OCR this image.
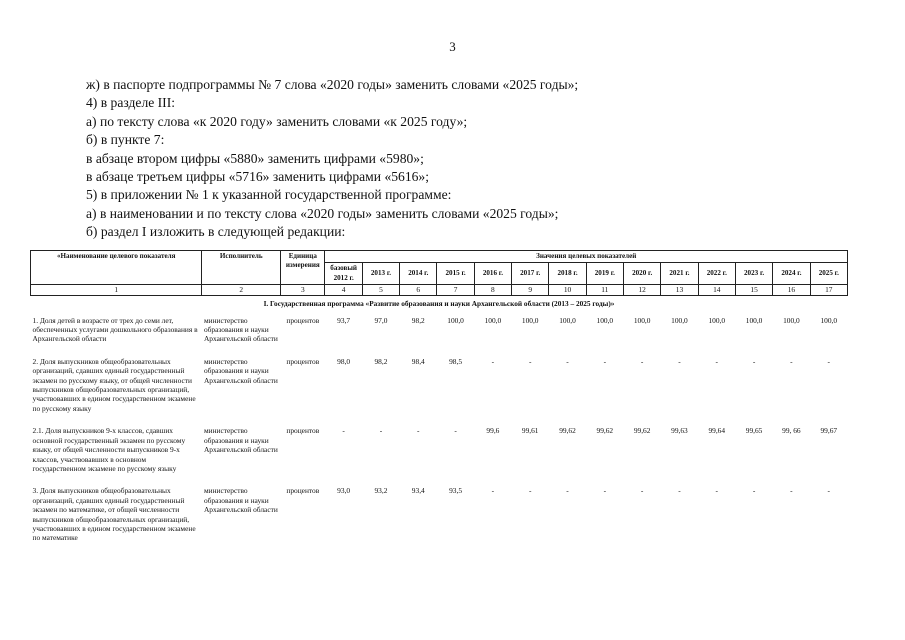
3
ж) в паспорте подпрограммы № 7 слова «2020 годы» заменить словами «2025 годы»;
4) в разделе III:
а) по тексту слова «к 2020 году» заменить словами «к 2025 году»;
б) в пункте 7:
в абзаце втором цифры «5880» заменить цифрами «5980»;
в абзаце третьем цифры «5716» заменить цифрами «5616»;
5) в приложении № 1 к указанной государственной программе:
а) в наименовании и по тексту слова «2020 годы» заменить словами «2025 годы»;
б) раздел I изложить в следующей редакции:
«Наименование целевого показателя	Исполнитель	Единица измерения	Значения целевых показателей													
			базовый 2012 г.	2013 г.	2014 г.	2015 г.	2016 г.	2017 г.	2018 г.	2019 г.	2020 г.	2021 г.	2022 г.	2023 г.	2024 г.	2025 г.
1	2	3	4	5	6	7	8	9	10	11	12	13	14	15	16	17
I. Государственная программа «Развитие образования и науки Архангельской области (2013 – 2025 годы)»																
1. Доля детей в возрасте от трех до семи лет, обеспеченных услугами дошкольного образования в Архангельской области	министерство образования и науки Архангельской области	процентов	93,7	97,0	98,2	100,0	100,0	100,0	100,0	100,0	100,0	100,0	100,0	100,0	100,0	100,0
2. Доля выпускников общеобразовательных организаций, сдавших единый государственный экзамен по русскому языку, от общей численности выпускников общеобразовательных организаций, участвовавших в едином государственном экзамене по русскому языку	министерство образования и науки Архангельской области	процентов	98,0	98,2	98,4	98,5	-	-	-	-	-	-	-	-	-	-
2.1. Доля выпускников 9-х классов, сдавших основной государственный экзамен по русскому языку, от общей численности выпускников 9-х классов, участвовавших в основном государственном экзамене по русскому языку	министерство образования и науки Архангельской области	процентов	-	-	-	-	99,6	99,61	99,62	99,62	99,62	99,63	99,64	99,65	99, 66	99,67
3. Доля выпускников общеобразовательных организаций, сдавших единый государственный экзамен по математике, от общей численности выпускников общеобразовательных организаций, участвовавших в едином государственном экзамене по математике	министерство образования и науки Архангельской области	процентов	93,0	93,2	93,4	93,5	-	-	-	-	-	-	-	-	-	-
